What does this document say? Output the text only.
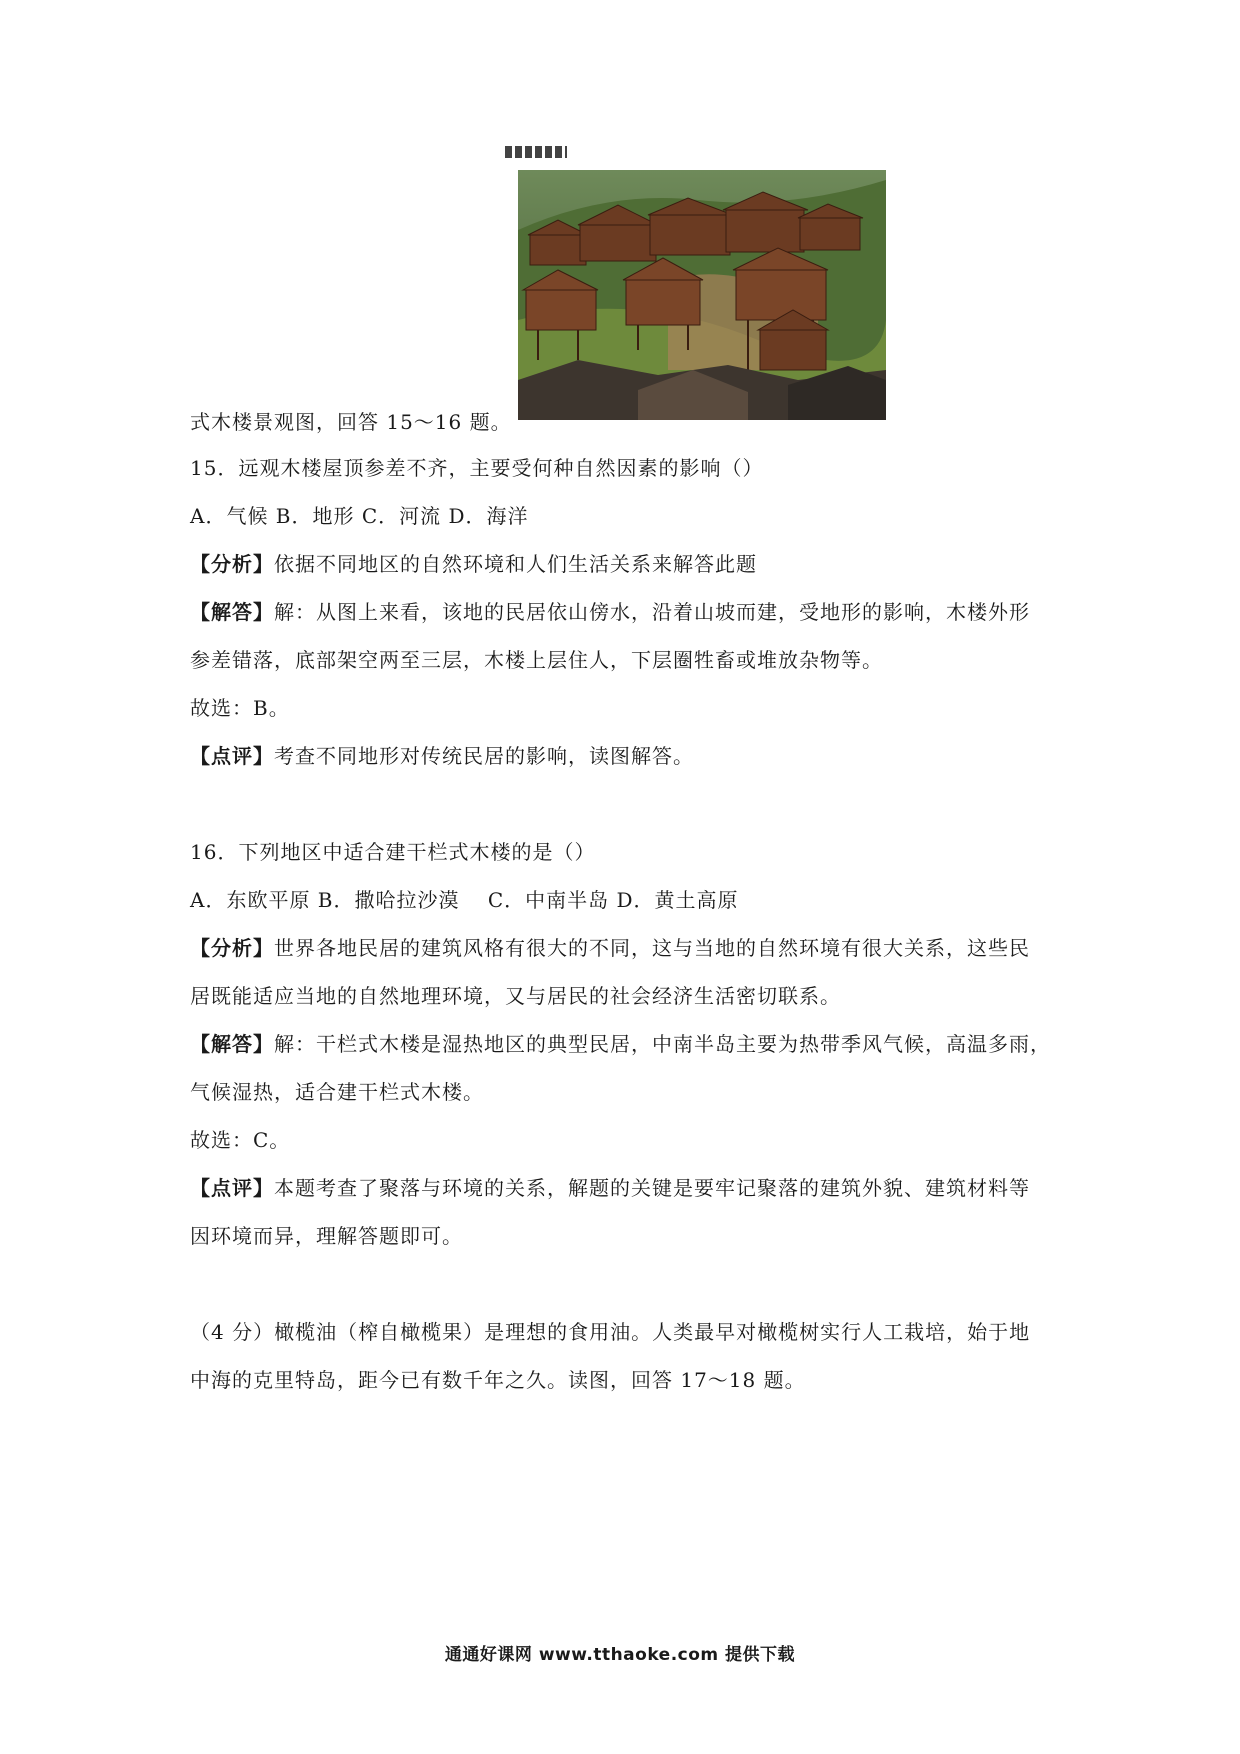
式木楼景观图，回答 15～16 题。
15．远观木楼屋顶参差不齐，主要受何种自然因素的影响（）
A．气候 B．地形 C．河流 D．海洋
【分析】依据不同地区的自然环境和人们生活关系来解答此题
【解答】解：从图上来看，该地的民居依山傍水，沿着山坡而建，受地形的影响，木楼外形
参差错落，底部架空两至三层，木楼上层住人，下层圈牲畜或堆放杂物等。
故选：B。
【点评】考查不同地形对传统民居的影响，读图解答。
16．下列地区中适合建干栏式木楼的是（）
A．东欧平原 B．撒哈拉沙漠　 C．中南半岛 D．黄土高原
【分析】世界各地民居的建筑风格有很大的不同，这与当地的自然环境有很大关系，这些民
居既能适应当地的自然地理环境，又与居民的社会经济生活密切联系。
【解答】解：干栏式木楼是湿热地区的典型民居，中南半岛主要为热带季风气候，高温多雨，
气候湿热，适合建干栏式木楼。
故选：C。
【点评】本题考查了聚落与环境的关系，解题的关键是要牢记聚落的建筑外貌、建筑材料等
因环境而异，理解答题即可。
（4 分）橄榄油（榨自橄榄果）是理想的食用油。人类最早对橄榄树实行人工栽培，始于地
中海的克里特岛，距今已有数千年之久。读图，回答 17～18 题。
通通好课网 www.tthaoke.com 提供下载
